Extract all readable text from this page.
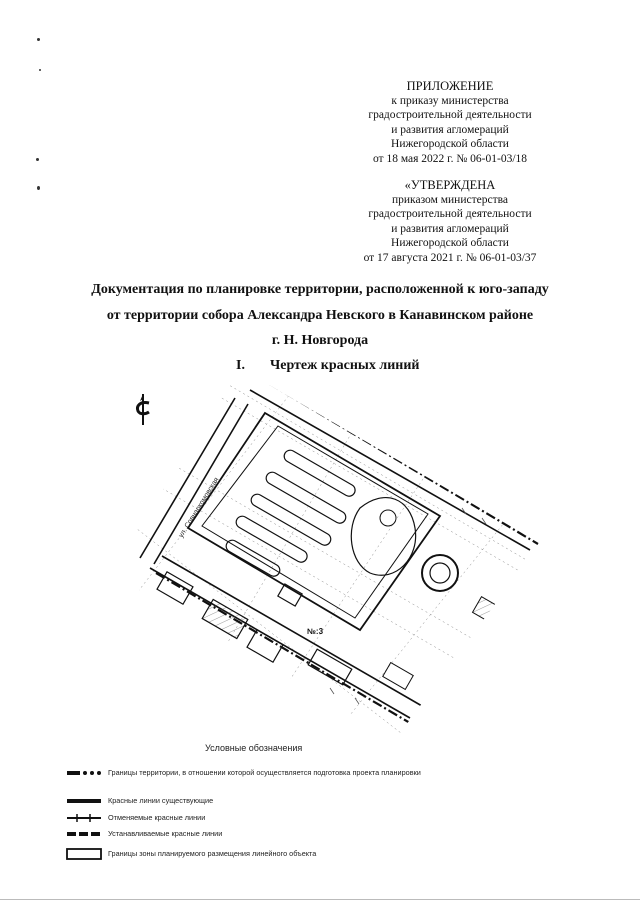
ПРИЛОЖЕНИЕ
к приказу министерства
градостроительной деятельности
и развития агломераций
Нижегородской области
от 18 мая 2022 г. № 06-01-03/18
«УТВЕРЖДЕНА
приказом министерства
градостроительной деятельности
и развития агломераций
Нижегородской области
от 17 августа 2021 г. № 06-01-03/37
Документация по планировке территории, расположенной к юго-западу
от территории собора Александра Невского в Канавинском районе
г. Н. Новгорода
I. Чертеж красных линий
ул. Совнаркомовская
№:3
Условные обозначения
Границы территории, в отношении которой осуществляется подготовка проекта планировки
Красные линии существующие
Отменяемые красные линии
Устанавливаемые красные линии
Границы зоны планируемого размещения линейного объекта
